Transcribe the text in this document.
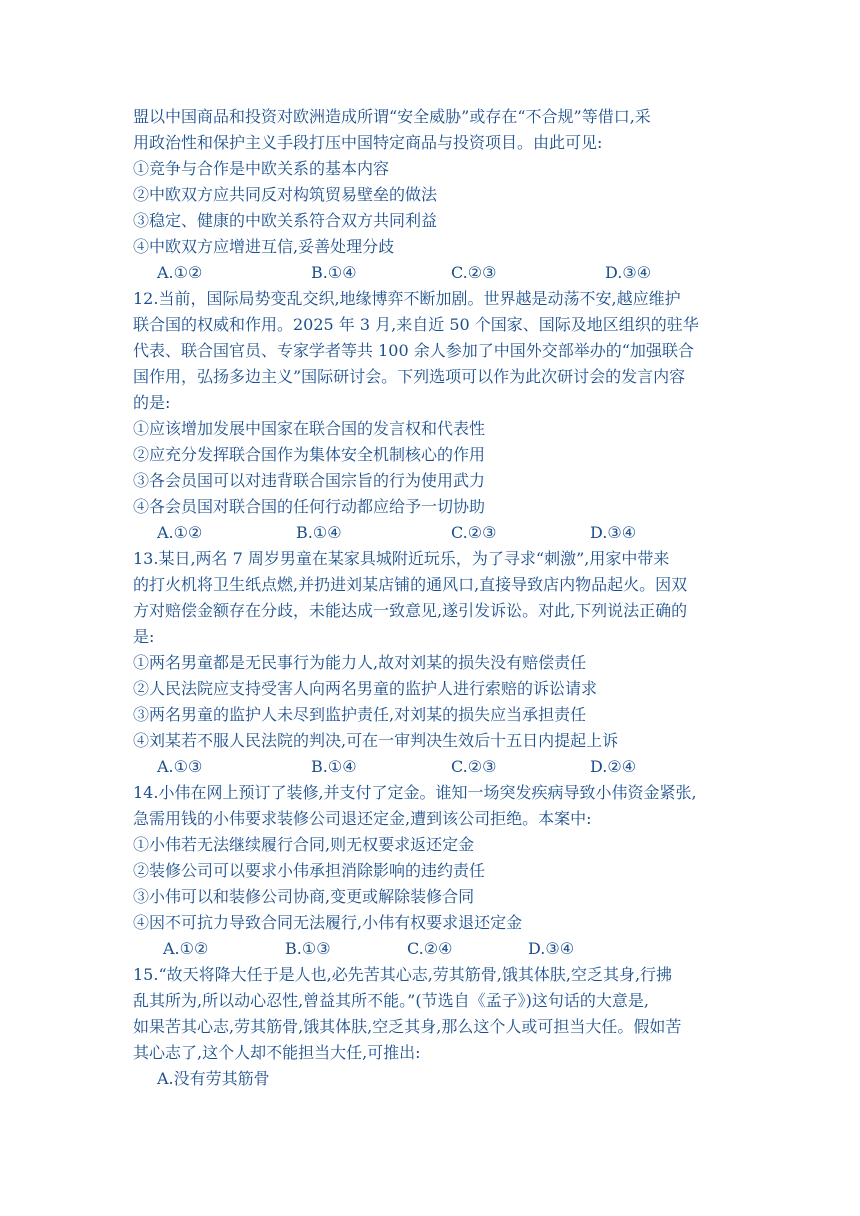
盟以中国商品和投资对欧洲造成所谓“安全威胁”或存在“不合规”等借口,采
用政治性和保护主义手段打压中国特定商品与投资项目。由此可见:
①竞争与合作是中欧关系的基本内容
②中欧双方应共同反对构筑贸易壁垒的做法
③稳定、健康的中欧关系符合双方共同利益
④中欧双方应增进互信,妥善处理分歧
A.①②	B.①④	C.②③	D.③④
12.当前，国际局势变乱交织,地缘博弈不断加剧。世界越是动荡不安,越应维护
联合国的权威和作用。2025 年 3 月,来自近 50 个国家、国际及地区组织的驻华
代表、联合国官员、专家学者等共 100 余人参加了中国外交部举办的“加强联合
国作用，弘扬多边主义”国际研讨会。下列选项可以作为此次研讨会的发言内容
的是:
①应该增加发展中国家在联合国的发言权和代表性
②应充分发挥联合国作为集体安全机制核心的作用
③各会员国可以对违背联合国宗旨的行为使用武力
④各会员国对联合国的任何行动都应给予一切协助
A.①②	B.①④	C.②③	D.③④
13.某日,两名 7 周岁男童在某家具城附近玩乐，为了寻求“刺激”,用家中带来
的打火机将卫生纸点燃,并扔进刘某店铺的通风口,直接导致店内物品起火。因双
方对赔偿金额存在分歧，未能达成一致意见,遂引发诉讼。对此,下列说法正确的
是:
①两名男童都是无民事行为能力人,故对刘某的损失没有赔偿责任
②人民法院应支持受害人向两名男童的监护人进行索赔的诉讼请求
③两名男童的监护人未尽到监护责任,对刘某的损失应当承担责任
④刘某若不服人民法院的判决,可在一审判决生效后十五日内提起上诉
A.①③	B.①④	C.②③	D.②④
14.小伟在网上预订了装修,并支付了定金。谁知一场突发疾病导致小伟资金紧张,
急需用钱的小伟要求装修公司退还定金,遭到该公司拒绝。本案中:
①小伟若无法继续履行合同,则无权要求返还定金
②装修公司可以要求小伟承担消除影响的违约责任
③小伟可以和装修公司协商,变更或解除装修合同
④因不可抗力导致合同无法履行,小伟有权要求退还定金
A.①②	B.①③	C.②④	D.③④
15.“故天将降大任于是人也,必先苦其心志,劳其筋骨,饿其体肤,空乏其身,行拂
乱其所为,所以动心忍性,曾益其所不能。”(节选自《孟子》)这句话的大意是,
如果苦其心志,劳其筋骨,饿其体肤,空乏其身,那么这个人或可担当大任。假如苦
其心志了,这个人却不能担当大任,可推出:
A.没有劳其筋骨
